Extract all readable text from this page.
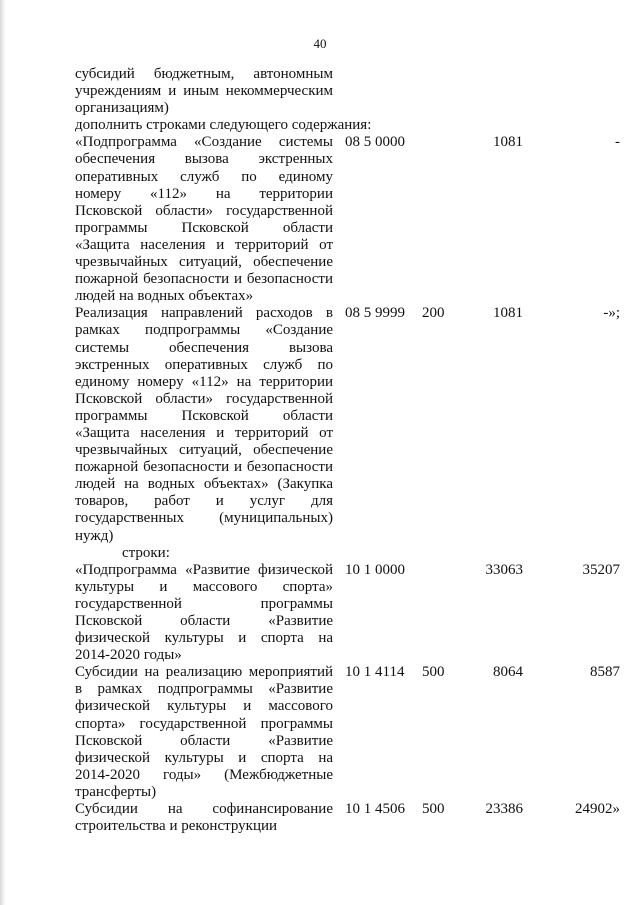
40
субсидий бюджетным, автономным
учреждениям и иным некоммерческим
организациям)
дополнить строками следующего содержания:
«Подпрограмма «Создание системы
обеспечения вызова экстренных
оперативных служб по единому
номеру «112» на территории
Псковской области» государственной
программы Псковской области
«Защита населения и территорий от
чрезвычайных ситуаций, обеспечение
пожарной безопасности и безопасности
людей на водных объектах»
08 5 0000	1081	-
Реализация направлений расходов в
рамках подпрограммы «Создание
системы обеспечения вызова
экстренных оперативных служб по
единому номеру «112» на территории
Псковской области» государственной
программы Псковской области
«Защита населения и территорий от
чрезвычайных ситуаций, обеспечение
пожарной безопасности и безопасности
людей на водных объектах» (Закупка
товаров, работ и услуг для
государственных (муниципальных)
нужд)
08 5 9999 200	1081	-»;
строки:
«Подпрограмма «Развитие физической
культуры и массового спорта»
государственной программы
Псковской области «Развитие
физической культуры и спорта на
2014-2020 годы»
10 1 0000	33063	35207
Субсидии на реализацию мероприятий
в рамках подпрограммы «Развитие
физической культуры и массового
спорта» государственной программы
Псковской области «Развитие
физической культуры и спорта на
2014-2020 годы» (Межбюджетные
трансферты)
10 1 4114 500	8064	8587
Субсидии на софинансирование
строительства и реконструкции
10 1 4506 500	23386	24902»
